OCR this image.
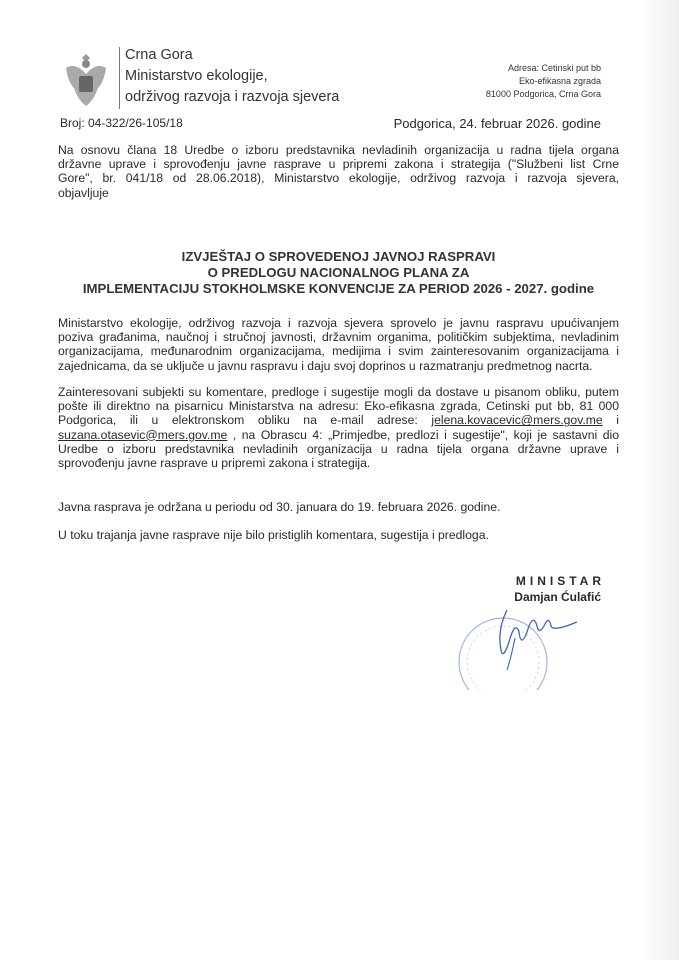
Crna Gora
Ministarstvo ekologije,
održivog razvoja i razvoja sjevera
Adresa: Cetinski put bb
Eko-efikasna zgrada
81000 Podgorica, Crna Gora
Broj: 04-322/26-105/18	Podgorica, 24. februar 2026. godine
Na osnovu člana 18 Uredbe o izboru predstavnika nevladinih organizacija u radna tijela organa
državne uprave i sprovođenju javne rasprave u pripremi zakona i strategija ("Službeni list Crne
Gore", br. 041/18 od 28.06.2018), Ministarstvo ekologije, održivog razvoja i razvoja sjevera,
objavljuje
IZVJEŠTAJ O SPROVEDENOJ JAVNOJ RASPRAVI
O PREDLOGU NACIONALNOG PLANA ZA
IMPLEMENTACIJU STOKHOLMSKE KONVENCIJE ZA PERIOD 2026 - 2027. godine
Ministarstvo ekologije, održivog razvoja i razvoja sjevera sprovelo je javnu raspravu upućivanjem
poziva građanima, naučnoj i stručnoj javnosti, državnim organima, političkim subjektima, nevladinim
organizacijama, međunarodnim organizacijama, medijima i svim zainteresovanim organizacijama i
zajednicama, da se uključe u javnu raspravu i daju svoj doprinos u razmatranju predmetnog nacrta.
Zainteresovani subjekti su komentare, predloge i sugestije mogli da dostave u pisanom obliku, putem
pošte ili direktno na pisarnicu Ministarstva na adresu: Eko-efikasna zgrada, Cetinski put bb, 81 000
Podgorica, ili u elektronskom obliku na e-mail adrese: jelena.kovacevic@mers.gov.me i
suzana.otasevic@mers.gov.me , na Obrascu 4: „Primjedbe, predlozi i sugestije", koji je sastavni dio
Uredbe o izboru predstavnika nevladinih organizacija u radna tijela organa državne uprave i
sprovođenju javne rasprave u pripremi zakona i strategija.
Javna rasprava je održana u periodu od 30. januara do 19. februara 2026. godine.
U toku trajanja javne rasprave nije bilo pristiglih komentara, sugestija i predloga.
MINISTAR
Damjan Ćulafić
